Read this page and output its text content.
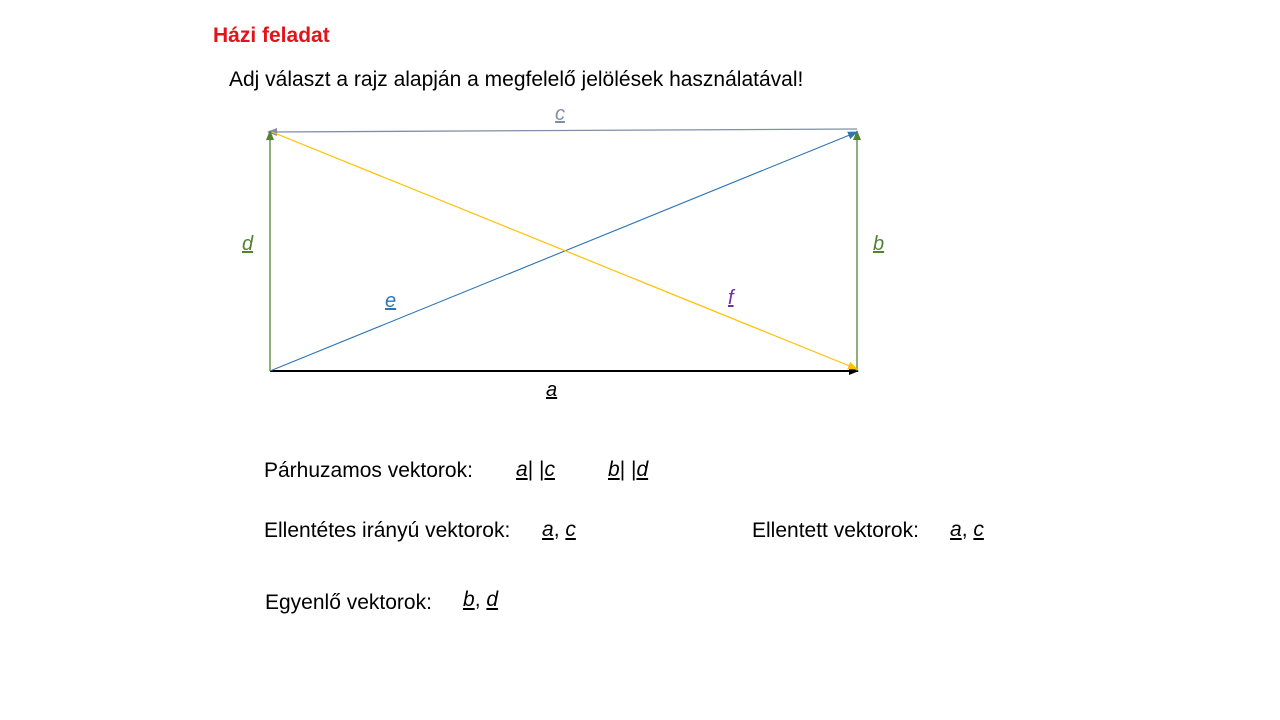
Házi feladat
Adj választ a rajz alapján a megfelelő jelölések használatával!
a
b
c
d
e	f
Párhuzamos vektorok: a| |c	b| |d
Ellentétes irányú vektorok: a, c	Ellentett vektorok: a, c
Egyenlő vektorok: b, d
